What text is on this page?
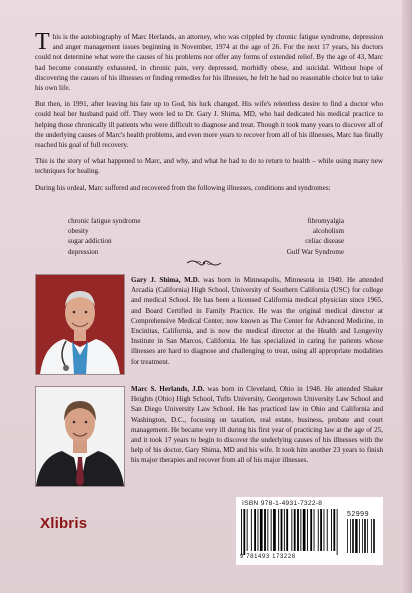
This is the autobiography of Marc Herlands, an attorney, who was crippled by chronic fatigue syndrome, depression and anger management issues beginning in November, 1974 at the age of 26. For the next 17 years, his doctors could not determine what were the causes of his problems nor offer any forms of extended relief. By the age of 43, Marc had become constantly exhausted, in chronic pain, very depressed, morbidly obese, and suicidal. Without hope of discovering the causes of his illnesses or finding remedies for his illnesses, he felt he had no reasonable choice but to take his own life.

But then, in 1991, after leaving his fate up to God, his luck changed. His wife's relentless desire to find a doctor who could heal her husband paid off. They were led to Dr. Gary J. Shima, MD, who had dedicated his medical practice to helping those chronically ill patients who were difficult to diagnose and treat. Though it took many years to discover all of the underlying causes of Marc's health problems, and even more years to recover from all of his illnesses, Marc has finally reached his goal of full recovery.

This is the story of what happened to Marc, and why, and what he had to do to return to health – while using many new techniques for healing.

During his ordeal, Marc suffered and recovered from the following illnesses, conditions and syndromes:

chronic fatigue syndrome
obesity
sugar addiction
depression
fibromyalgia
alcoholism
celiac disease
Gulf War Syndrome
Gary J. Shima, M.D. was born in Minneapolis, Minnesota in 1940. He attended Arcadia (California) High School, University of Southern California (USC) for college and medical School. He has been a licensed California medical physician since 1965, and Board Certified in Family Practice. He was the original medical director at Comprehensive Medical Center, now known as The Center for Advanced Medicine, in Encinitas, California, and is now the medical director at the Health and Longevity Institute in San Marcos, California. He has specialized in caring for patients whose illnesses are hard to diagnose and challenging to treat, using all appropriate modalities for treatment.
Marc S. Herlands, J.D. was born in Cleveland, Ohio in 1948. He attended Shaker Heights (Ohio) High School, Tufts University, Georgetown University Law School and San Diego University Law School. He has practiced law in Ohio and California and Washington, D.C., focusing on taxation, real estate, business, probate and court management. He became very ill during his first year of practicing law at the age of 25, and it took 17 years to begin to discover the underlying causes of his illnesses with the help of his doctor, Gary Shima, MD and his wife. It took him another 23 years to finish his major therapies and recover from all of his major illnesses.
Xlibris
ISBN 978-1-4931-7322-8
52999
9 781493 173228
